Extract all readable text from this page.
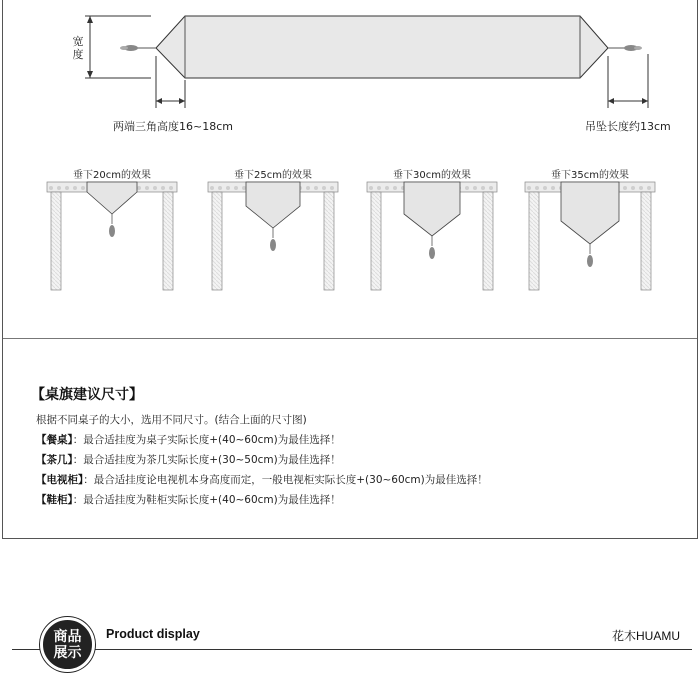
宽度
两端三角高度16~18cm	吊坠长度约13cm
垂下20cm的效果	垂下25cm的效果	垂下30cm的效果	垂下35cm的效果
【桌旗建议尺寸】
根据不同桌子的大小，选用不同尺寸。(结合上面的尺寸图)
【餐桌】：最合适挂度为桌子实际长度+(40~60cm)为最佳选择！
【茶几】：最合适挂度为茶几实际长度+(30~50cm)为最佳选择！
【电视柜】：最合适挂度论电视机本身高度而定，一般电视柜实际长度+(30~60cm)为最佳选择！
【鞋柜】：最合适挂度为鞋柜实际长度+(40~60cm)为最佳选择！
商品
展示
Product display	花木HUAMU
